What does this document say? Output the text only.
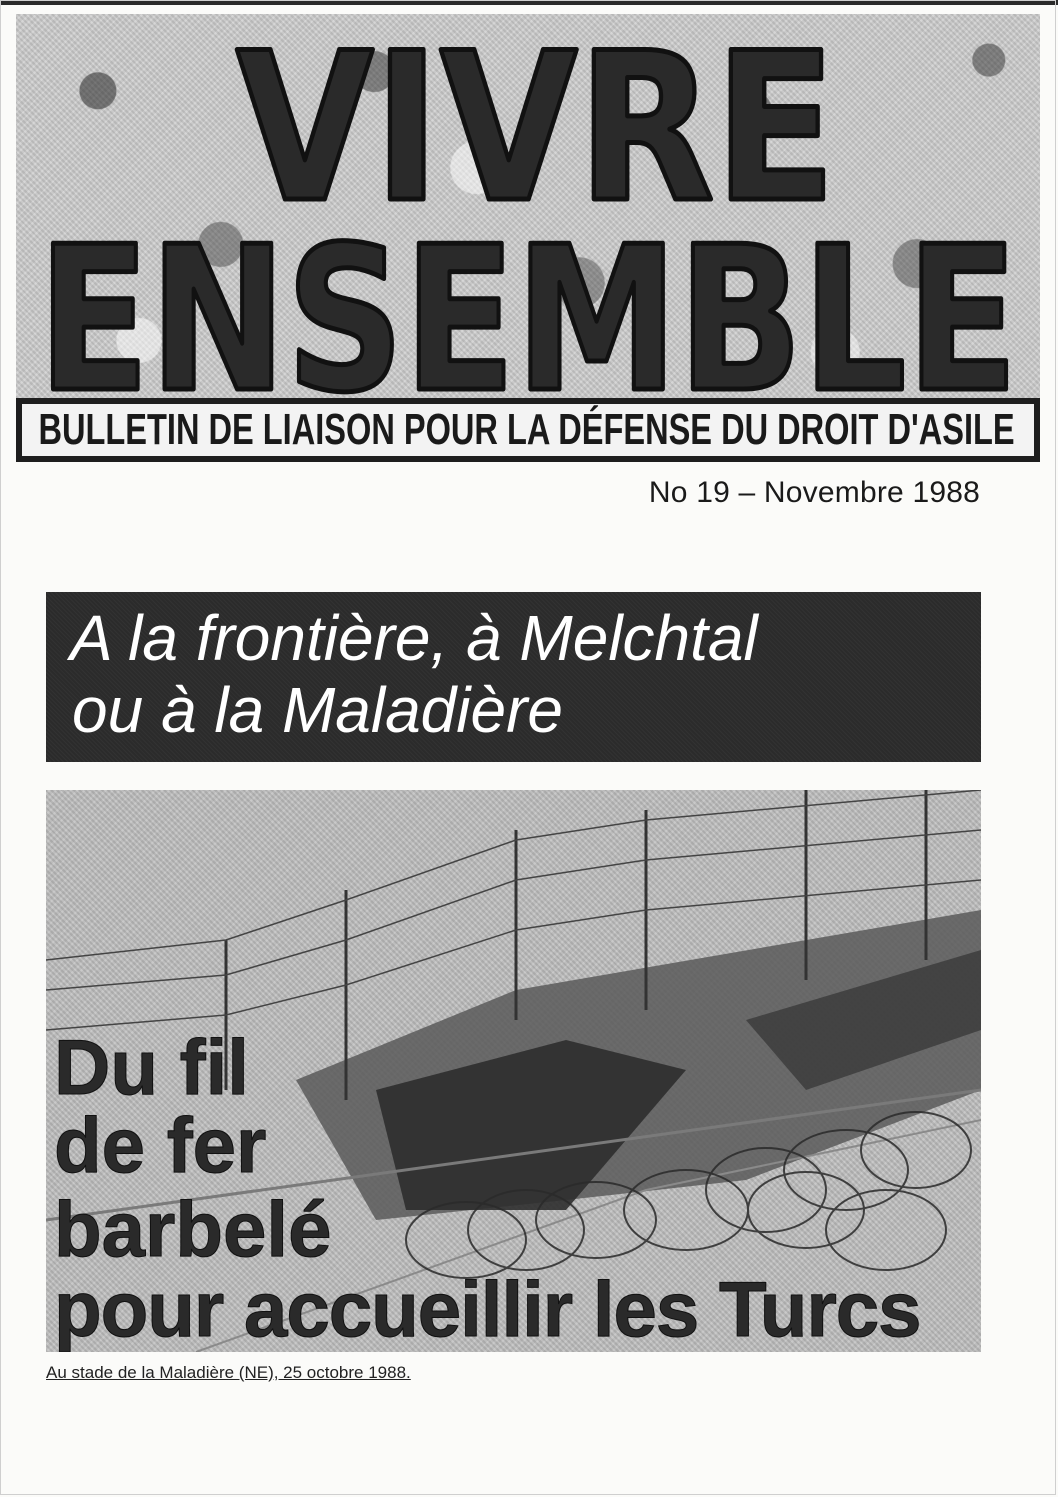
VIVRE
ENSEMBLE
BULLETIN DE LIAISON POUR LA DÉFENSE DU DROIT D'ASILE
No 19 – Novembre 1988
A la frontière, à Melchtal
ou à la Maladière
Du fil
de fer
barbelé
pour accueillir les Turcs
Au stade de la Maladière (NE), 25 octobre 1988.
